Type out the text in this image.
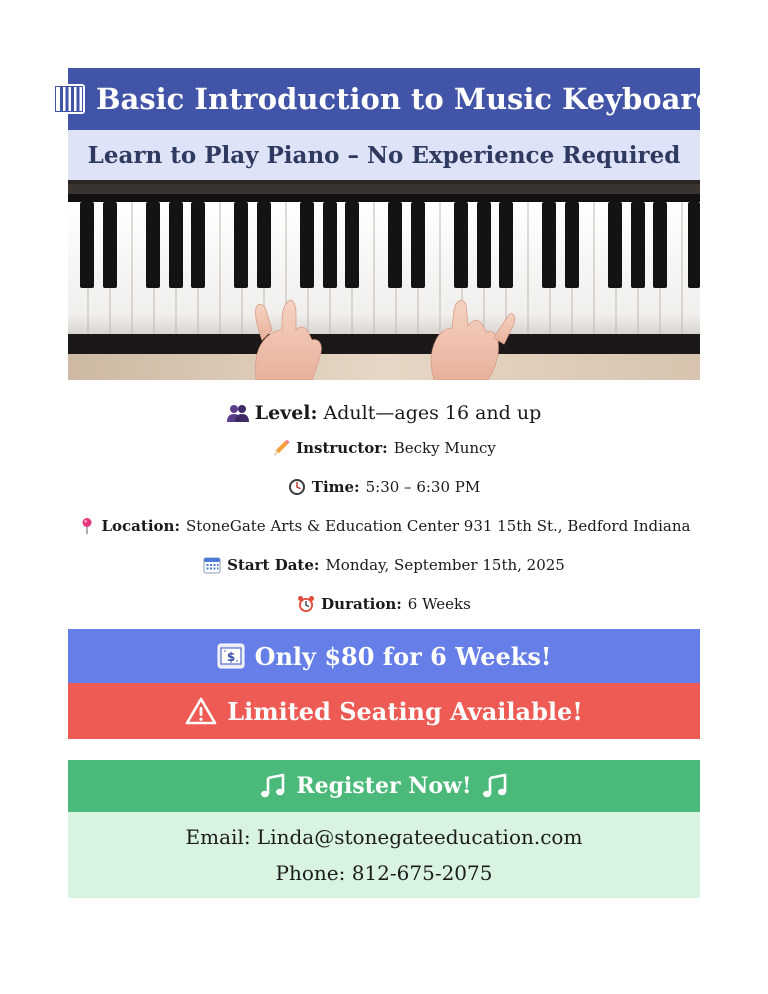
Basic Introduction to Music Keyboard
Learn to Play Piano – No Experience Required
Level: Adult—ages 16 and up
Instructor: Becky Muncy
Time: 5:30 – 6:30 PM
Location: StoneGate Arts & Education Center 931 15th St., Bedford Indiana
Start Date: Monday, September 15th, 2025
Duration: 6 Weeks
$ Only $80 for 6 Weeks!
Limited Seating Available!
Register Now!
Email: Linda@stonegateeducation.com
Phone: 812-675-2075
